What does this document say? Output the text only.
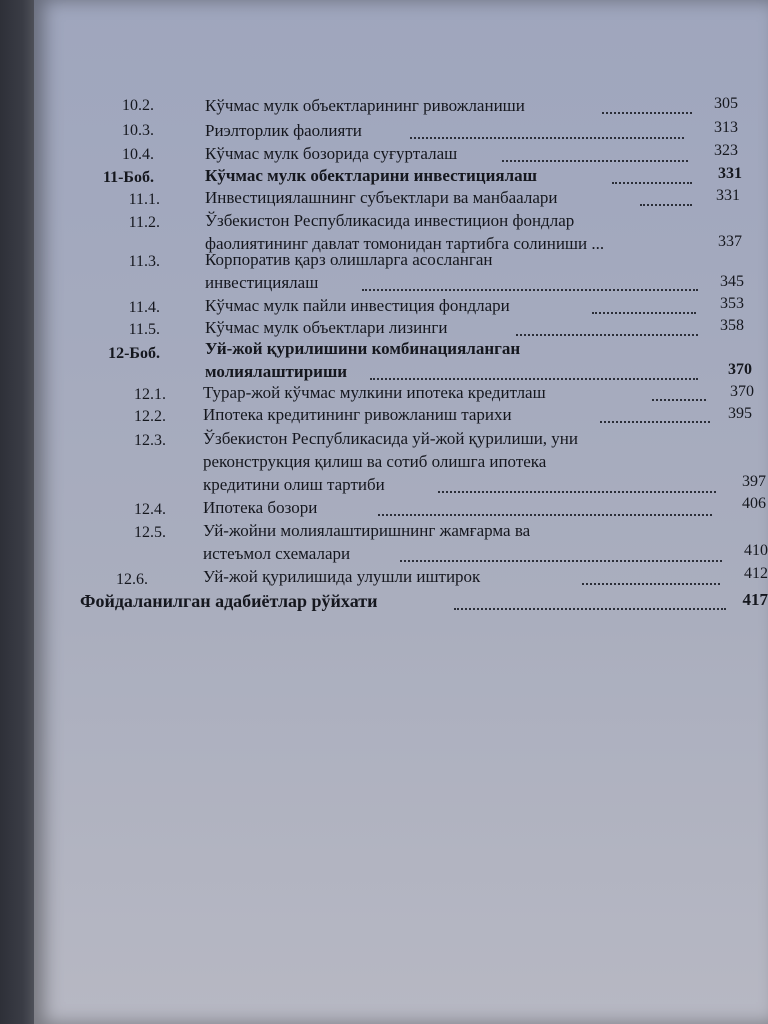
10.2.	Кўчмас мулк объектларининг ривожланиши	305
10.3.	Риэлторлик фаолияти	313
10.4.	Кўчмас мулк бозорида суғурталаш	323
11-Боб.	Кўчмас мулк обектларини инвестициялаш	331
11.1.	Инвестициялашнинг субъектлари ва манбаалари	331
11.2.	Ўзбекистон Республикасида инвестицион фондлар
фаолиятининг давлат томонидан тартибга солиниши ...	337
11.3.	Корпоратив қарз олишларга асосланган
инвестициялаш	345
11.4.	Кўчмас мулк пайли инвестиция фондлари	353
11.5.	Кўчмас мулк объектлари лизинги	358
12-Боб.	Уй-жой қурилишини комбинацияланган
молиялаштириши	370
12.1. Турар-жой кўчмас мулкини ипотека кредитлаш	370
12.2. Ипотека кредитининг ривожланиш тарихи	395
12.3. Ўзбекистон Республикасида уй-жой қурилиши, уни
реконструкция қилиш ва сотиб олишга ипотека
кредитини олиш тартиби	397
12.4. Ипотека бозори	406
12.5. Уй-жойни молиялаштиришнинг жамғарма ва
истеъмол схемалари	410
12.6.	Уй-жой қурилишида улушли иштирок	412
Фойдаланилган адабиётлар рўйхати	417
